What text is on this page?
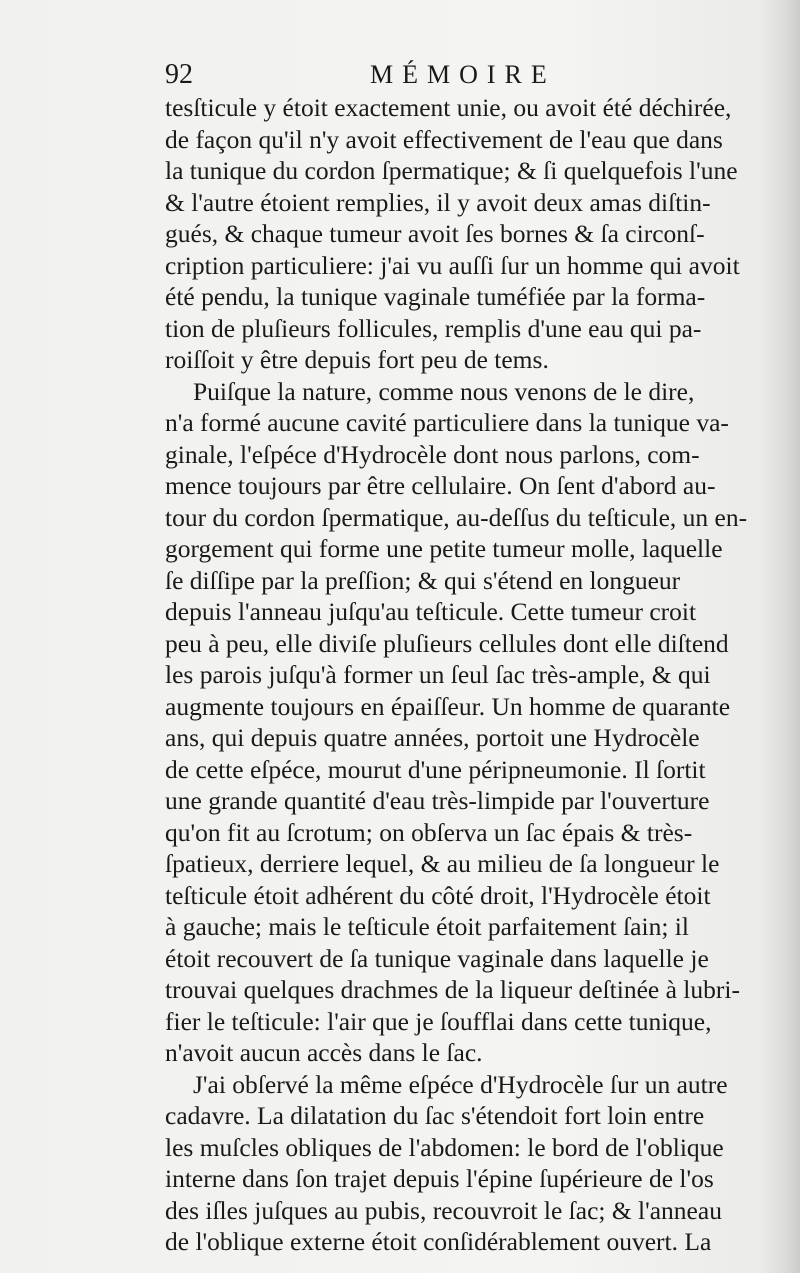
92	MÉMOIRE
tesſticule y étoit exactement unie, ou avoit été déchirée,
de façon qu'il n'y avoit effectivement de l'eau que dans
la tunique du cordon ſpermatique; & ſi quelquefois l'une
& l'autre étoient remplies, il y avoit deux amas diſtin-
gués, & chaque tumeur avoit ſes bornes & ſa circonſ-
cription particuliere: j'ai vu auſſi ſur un homme qui avoit
été pendu, la tunique vaginale tuméfiée par la forma-
tion de pluſieurs follicules, remplis d'une eau qui pa-
roiſſoit y être depuis fort peu de tems.
Puiſque la nature, comme nous venons de le dire,
n'a formé aucune cavité particuliere dans la tunique va-
ginale, l'eſpéce d'Hydrocèle dont nous parlons, com-
mence toujours par être cellulaire. On ſent d'abord au-
tour du cordon ſpermatique, au-deſſus du teſticule, un en-
gorgement qui forme une petite tumeur molle, laquelle
ſe diſſipe par la preſſion; & qui s'étend en longueur
depuis l'anneau juſqu'au teſticule. Cette tumeur croit
peu à peu, elle diviſe pluſieurs cellules dont elle diſtend
les parois juſqu'à former un ſeul ſac très-ample, & qui
augmente toujours en épaiſſeur. Un homme de quarante
ans, qui depuis quatre années, portoit une Hydrocèle
de cette eſpéce, mourut d'une péripneumonie. Il ſortit
une grande quantité d'eau très-limpide par l'ouverture
qu'on fit au ſcrotum; on obſerva un ſac épais & très-
ſpatieux, derriere lequel, & au milieu de ſa longueur le
teſticule étoit adhérent du côté droit, l'Hydrocèle étoit
à gauche; mais le teſticule étoit parfaitement ſain; il
étoit recouvert de ſa tunique vaginale dans laquelle je
trouvai quelques drachmes de la liqueur deſtinée à lubri-
fier le teſticule: l'air que je ſoufflai dans cette tunique,
n'avoit aucun accès dans le ſac.
J'ai obſervé la même eſpéce d'Hydrocèle ſur un autre
cadavre. La dilatation du ſac s'étendoit fort loin entre
les muſcles obliques de l'abdomen: le bord de l'oblique
interne dans ſon trajet depuis l'épine ſupérieure de l'os
des iſles juſques au pubis, recouvroit le ſac; & l'anneau
de l'oblique externe étoit conſidérablement ouvert. La
